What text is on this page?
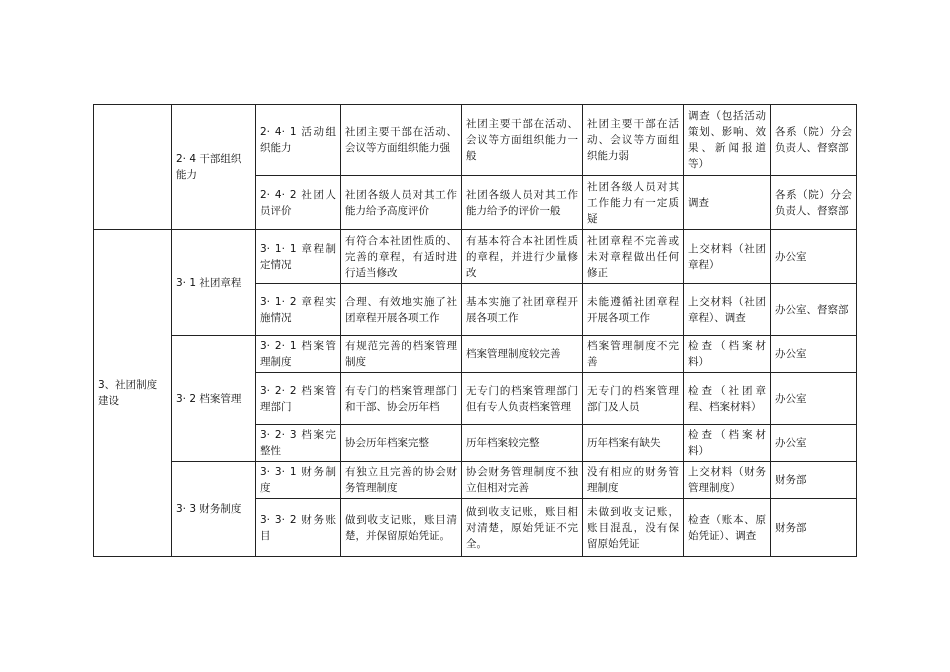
	2· 4 干部组织能力	2· 4· 1 活动组织能力	社团主要干部在活动、会议等方面组织能力强	社团主要干部在活动、会议等方面组织能力一般	社团主要干部在活动、会议等方面组织能力弱	调查（包括活动策划、影响、效果、新闻报道等）	各系（院）分会负责人、督察部
		2· 4· 2 社团人员评价	社团各级人员对其工作能力给予高度评价	社团各级人员对其工作能力给予的评价一般	社团各级人员对其工作能力有一定质疑	调查	各系（院）分会负责人、督察部
3、社团制度建设	3· 1 社团章程	3· 1· 1 章程制定情况	有符合本社团性质的、完善的章程，有适时进行适当修改	有基本符合本社团性质的章程，并进行少量修改	社团章程不完善或未对章程做出任何修正	上交材料（社团章程）	办公室
		3· 1· 2 章程实施情况	合理、有效地实施了社团章程开展各项工作	基本实施了社团章程开展各项工作	未能遵循社团章程开展各项工作	上交材料（社团章程）、调查	办公室、督察部
	3· 2 档案管理	3· 2· 1 档案管理制度	有规范完善的档案管理制度	档案管理制度较完善	档案管理制度不完善	检查（档案材料）	办公室
		3· 2· 2 档案管理部门	有专门的档案管理部门和干部、协会历年档	无专门的档案管理部门但有专人负责档案管理	无专门的档案管理部门及人员	检查（社团章程、档案材料）	办公室
		3· 2· 3 档案完整性	协会历年档案完整	历年档案较完整	历年档案有缺失	检查（档案材料）	办公室
	3· 3 财务制度	3· 3· 1 财务制度	有独立且完善的协会财务管理制度	协会财务管理制度不独立但相对完善	没有相应的财务管理制度	上交材料（财务管理制度）	财务部
		3· 3· 2 财务账目	做到收支记账，账目清楚，并保留原始凭证。	做到收支记账，账目相对清楚，原始凭证不完全。	未做到收支记账，账目混乱，没有保留原始凭证	检查（账本、原始凭证）、调查	财务部
